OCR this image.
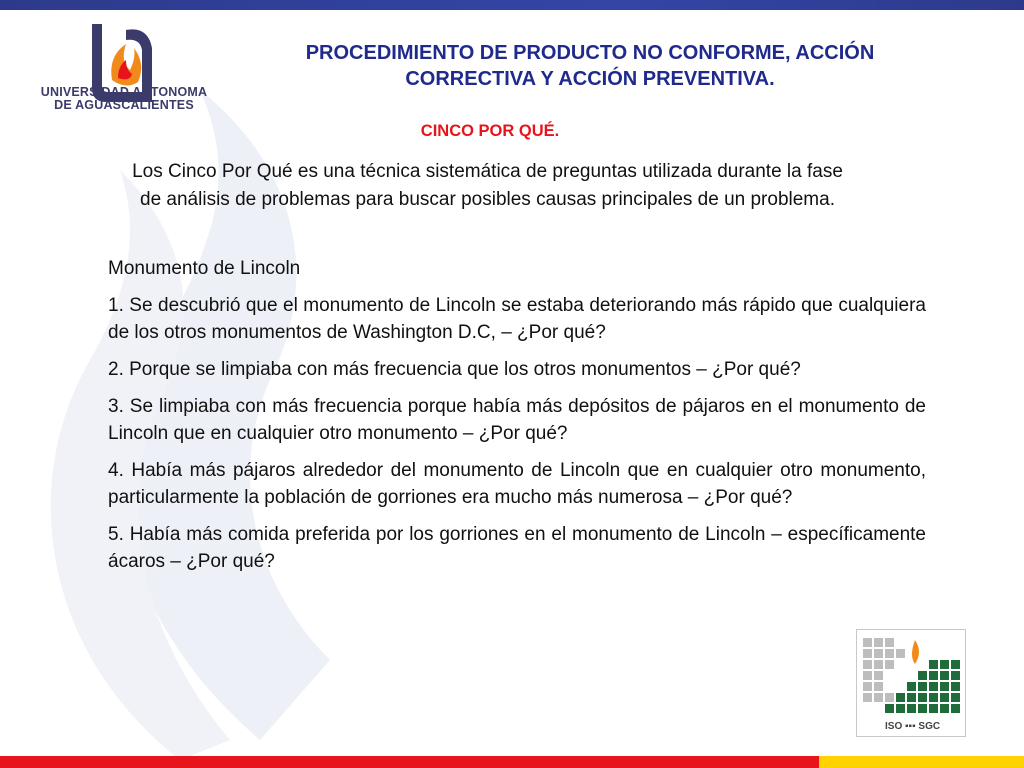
UNIVERSIDAD AUTONOMA
DE AGUASCALIENTES
PROCEDIMIENTO DE PRODUCTO NO CONFORME, ACCIÓN
CORRECTIVA Y ACCIÓN PREVENTIVA.
CINCO POR QUÉ.
Los Cinco Por Qué es una técnica sistemática de preguntas utilizada durante la fase de análisis de problemas para buscar posibles causas principales de un problema.

Monumento de Lincoln

1. Se descubrió que el monumento de Lincoln se estaba deteriorando más rápido que cualquiera de los otros monumentos de Washington D.C, – ¿Por qué?

2. Porque se limpiaba con más frecuencia que los otros monumentos – ¿Por qué?

3. Se limpiaba con más frecuencia porque había más depósitos de pájaros en el monumento de Lincoln que en cualquier otro monumento – ¿Por qué?

4. Había más pájaros alrededor del monumento de Lincoln que en cualquier otro monumento, particularmente la población de gorriones era mucho más numerosa – ¿Por qué?

5. Había más comida preferida por los gorriones en el monumento de Lincoln – específicamente ácaros – ¿Por qué?

ISO ▪▪▪ SGC
